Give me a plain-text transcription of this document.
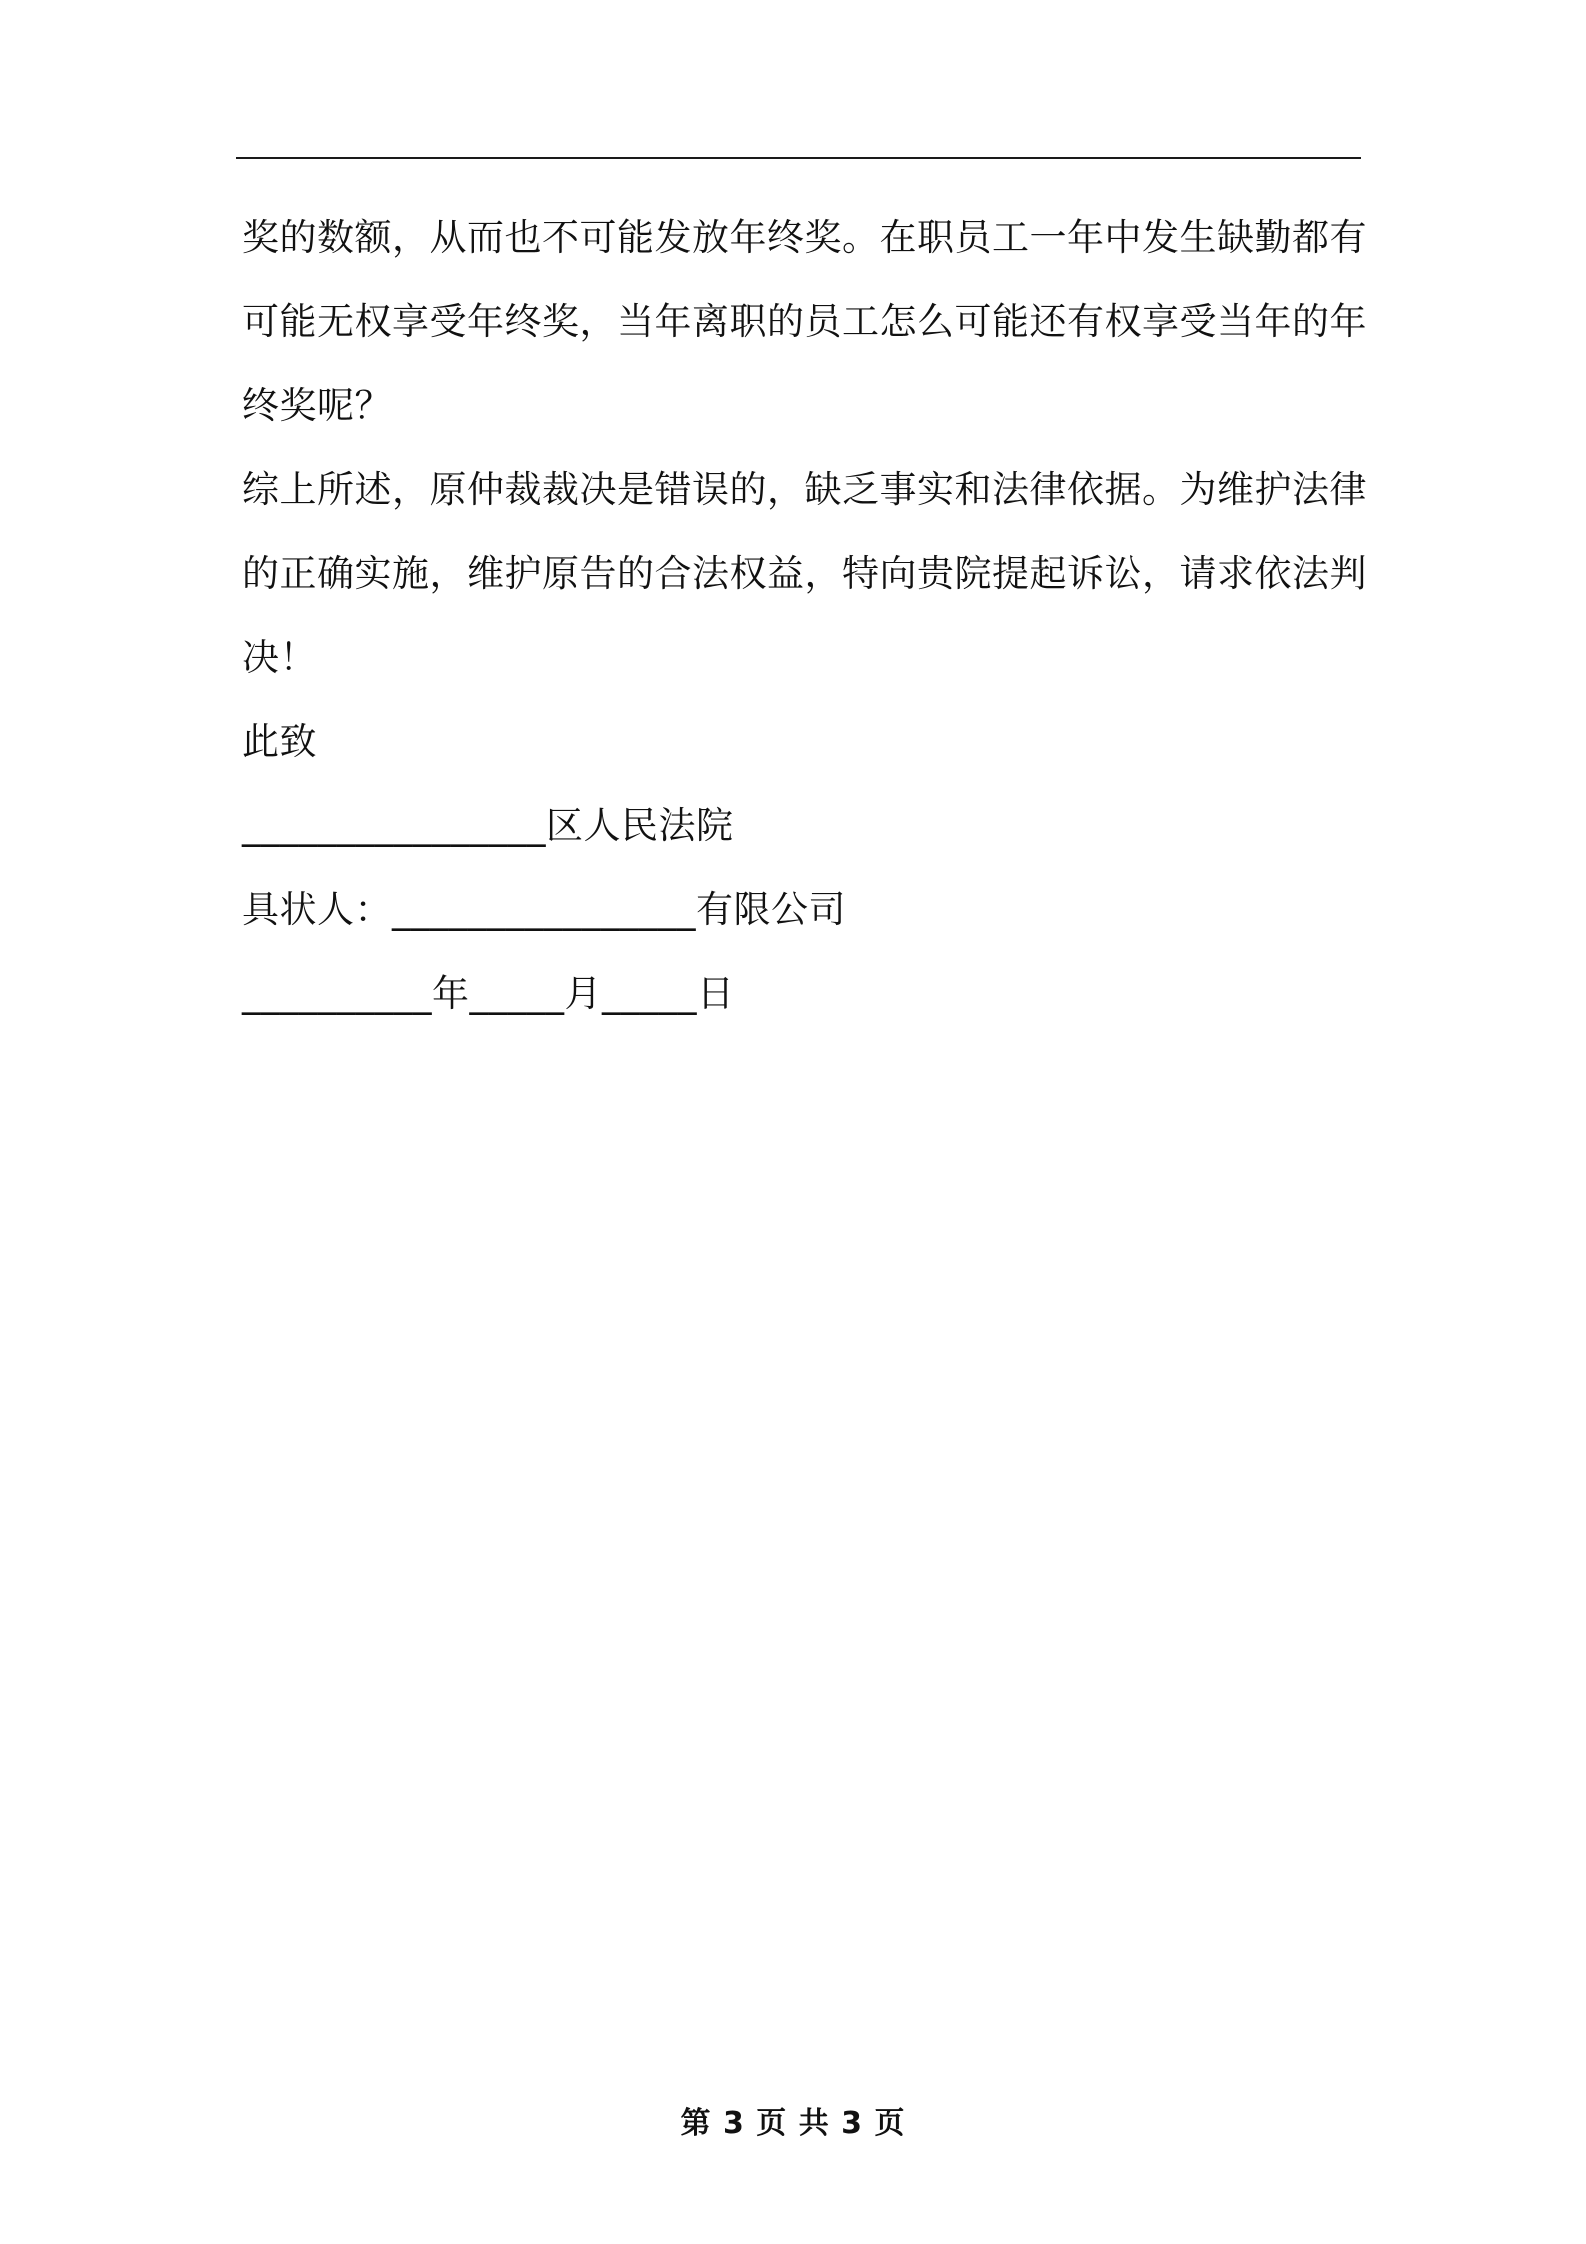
奖的数额，从而也不可能发放年终奖。在职员工一年中发生缺勤都有
可能无权享受年终奖，当年离职的员工怎么可能还有权享受当年的年
终奖呢？
综上所述，原仲裁裁决是错误的，缺乏事实和法律依据。为维护法律
的正确实施，维护原告的合法权益，特向贵院提起诉讼，请求依法判
决！
此致
________________区人民法院
具状人：________________有限公司
__________年_____月_____日
第 3 页 共 3 页
